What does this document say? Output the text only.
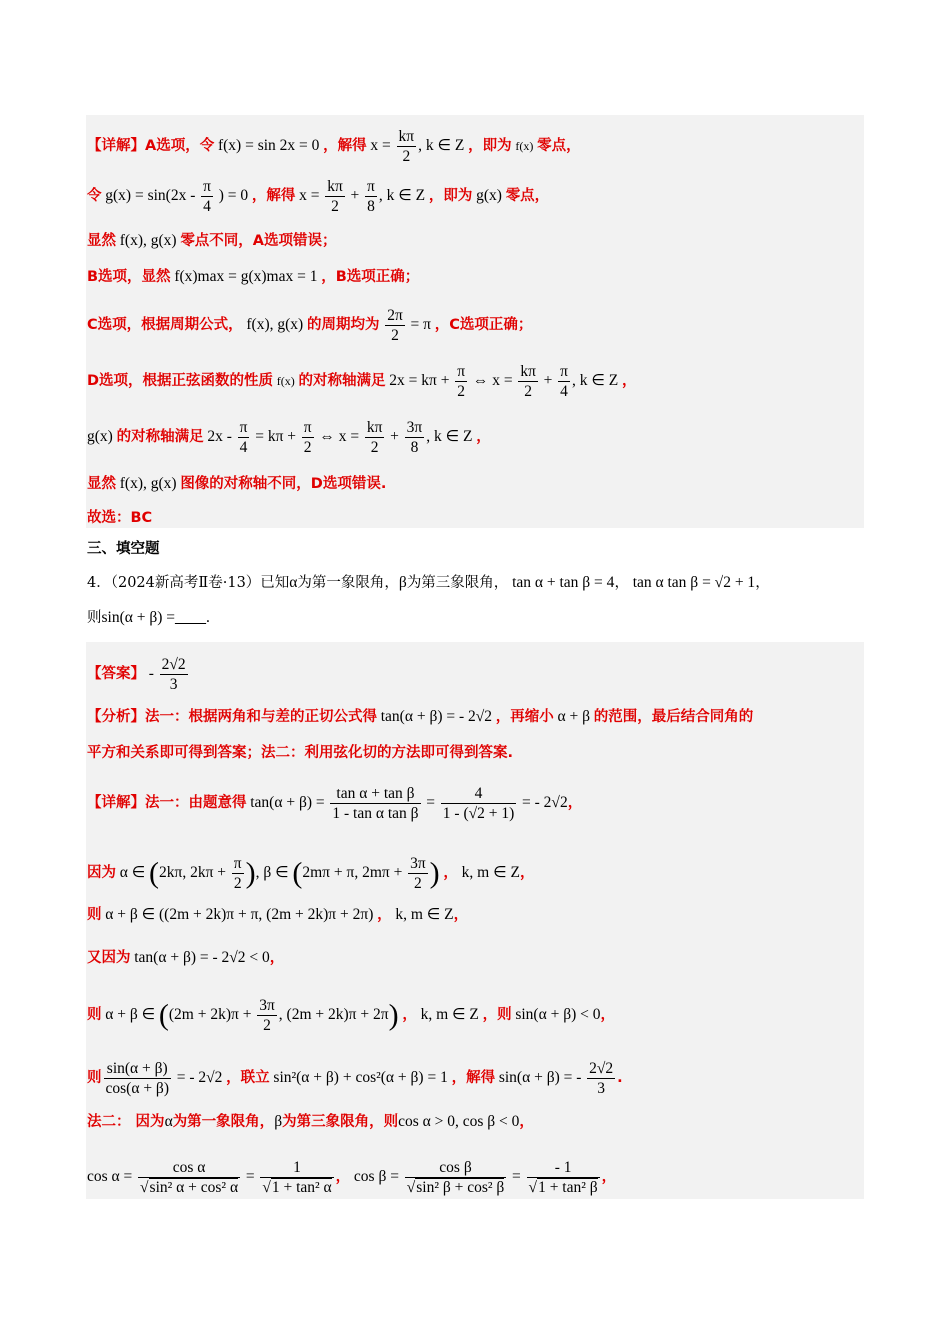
【详解】A选项，令 f(x) = sin 2x = 0 ，解得 $x = \frac{k\pi}{2}$ , k ∈ Z ，即为 f(x) 零点，
令 $g(x) = \sin(2x - \frac{\pi}{4}$ ) = 0 ，解得 $x = \frac{k\pi}{2} + \frac{\pi}{8}$ , k ∈ Z ，即为 g(x) 零点，
显然 f(x), g(x) 零点不同，A选项错误；
B选项，显然 f(x)max = g(x)max = 1 ，B选项正确；
C选项，根据周期公式， f(x), g(x) 的周期均为 $\frac{2\pi}{2} = \pi$ ，C选项正确；
D选项，根据正弦函数的性质 f(x) 的对称轴满足 $2x = k\pi + \frac{\pi}{2}$ ⇔ $x = \frac{k\pi}{2} + \frac{\pi}{4}$ , k ∈ Z ，
g(x) 的对称轴满足 $2x - \frac{\pi}{4} = k\pi + \frac{\pi}{2}$ ⇔ $x = \frac{k\pi}{2} + \frac{3\pi}{8}$ , k ∈ Z ，
显然 f(x), g(x) 图像的对称轴不同，D选项错误.
故选：BC
三、填空题
4．（2024新高考Ⅱ卷·13）已知α为第一象限角，β为第三象限角， tan α + tan β = 4， tan α tan β = √2 + 1，
则sin(α + β) =____.
【答案】 - $\frac{2√2}{3}$
【分析】法一：根据两角和与差的正切公式得 tan(α + β) = - 2√2 ，再缩小 α + β 的范围，最后结合同角的
平方和关系即可得到答案；法二：利用弦化切的方法即可得到答案.
【详解】法一：由题意得 $\tan(\alpha + \beta) = \frac{\text{tan α + tan β}}{\text{1 - tan α tan β}} = \frac{4}{1 - (√2 + 1)}$ = - 2√2，
因为 α ∈ (2kπ, $2k\pi + \frac{\pi}{2}$ ), β ∈ (2mπ + π, $2m\pi + \frac{3\pi}{2}$ ) ， k, m ∈ Z，
则 α + β ∈ ((2m + 2k)π + π, (2m + 2k)π + 2π) ， k, m ∈ Z，
又因为 tan(α + β) = - 2√2 < 0，
则 α + β ∈ ($(2m + 2k)\pi + \frac{3\pi}{2}$ , (2m + 2k)π + 2π) ， k, m ∈ Z ，则 sin(α + β) < 0，
则 $\frac{\sin(\alpha + \beta)}{\cos(\alpha + \beta)}$ = - 2√2 ，联立 sin²(α + β) + cos²(α + β) = 1 ，解得 sin(α + β) = - $\frac{2√2}{3}$ .
法二： 因为α为第一象限角，β为第三象限角，则cos α > 0, cos β < 0，
$\cos \alpha = \frac{\text{cos α}}{\text{√sin² α + cos² α}} = \frac{1}{\text{√1 + tan² α}}$ ， $\cos \beta = \frac{\text{cos β}}{\text{√sin² β + cos² β}} = \frac{- 1}{\text{√1 + tan² β}}$ ，
